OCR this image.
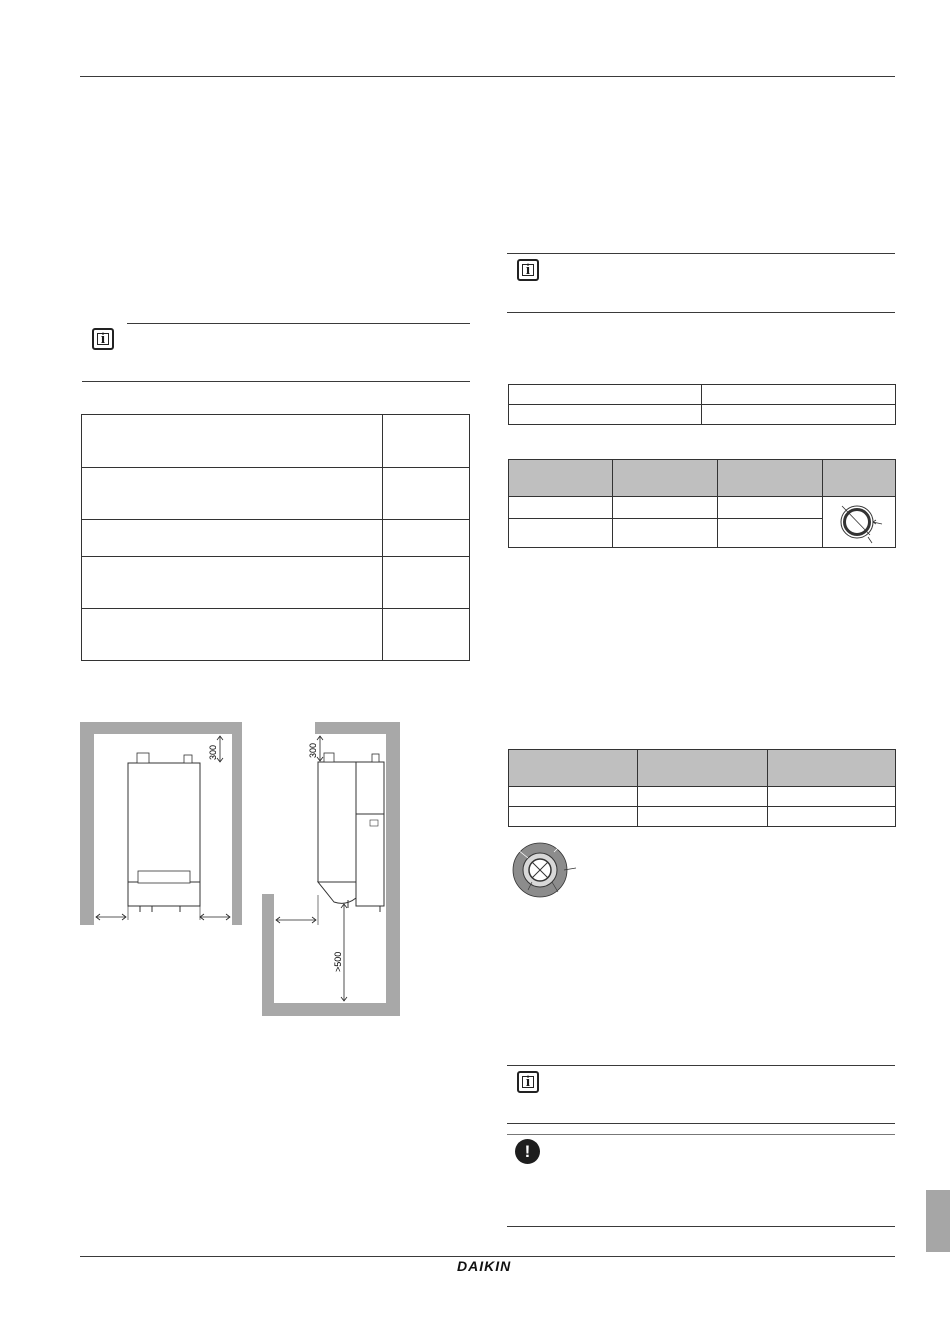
i

300	300
>500
i

i
!
DAIKIN
